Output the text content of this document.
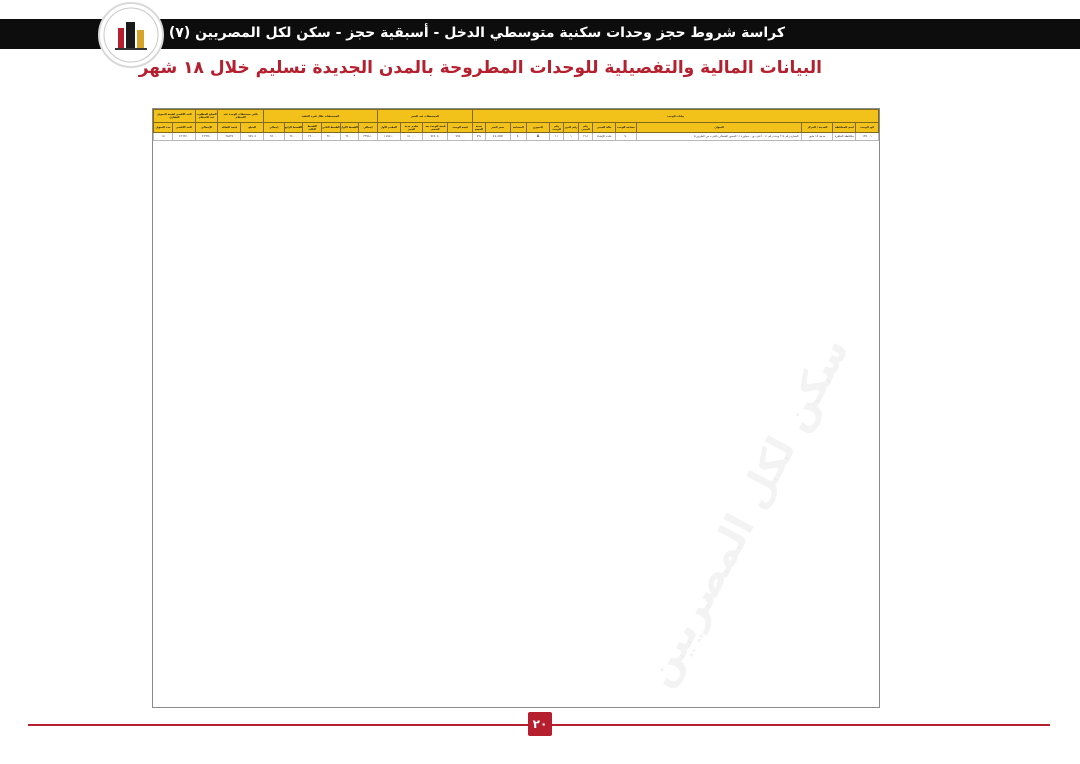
كراسة شروط حجز وحدات سكنية متوسطي الدخل - أسبقية حجز - سكن لكل المصريين (٧)
البيانات المالية والتفصيلية للوحدات المطروحة بالمدن الجديدة تسليم خلال ١٨ شهر
بيانات الوحدة													المستحقات عند الحجز				المستحقات خلال فترة التنفيذ						باقي مستحقات الوحدة عند الاستلام		المبلغ المطلوب عند الاستلام	الحد الأقصى لقيمة التمويل العقاري	
كود الوحدة	اسم المحافظة	المدينة / المركز	العنوان	مساحة الوحدة	حالة المبنى	رقم المبنى	رقم الدور	رقم الوحدة	النموذج	المساحة	سعر المتر	نسبة الخصم	قيمة الوحدة	قيمة الوحدة بعد الخصم	مقدم جدية الحجز	المقدم الأول	إجمالي	القسط الأول	القسط الثاني	القسط الثالث	القسط الرابع	إجمالي	المبلغ	قيمة التعاقد	الإجمالي	الحد الأقصى	مدة التمويل
١٣٥٠٠١	محافظة القاهرة	مدينة ١٥ مايو	العمارة رقم ٢١٨ وحدة رقم ١١ - أعلى دور - مجاورة ١١ المحور الشمالي بالقرب من الطريق A	٩٠	تحت الإنشاء	٢١٨	١	١١	A	٩٠	11,100	%٥	٩٩٩٠٠٠	٩٤٩٠٥٠	١٥٠٠٠٠	١٨٩٨١٠	٣٣٩٨١٠	٢٤٠٠٠	٢٤٠٠٠	٢٤٠٠٠	٢٤٠٠٠	٩٦٠٠٠	٩٤٩٠٥	٦٨٥٣٥	٤٦٦٢٤٠	٤٦٦٢٤٠	١٥
سكن لكل المصريين
٢٠
